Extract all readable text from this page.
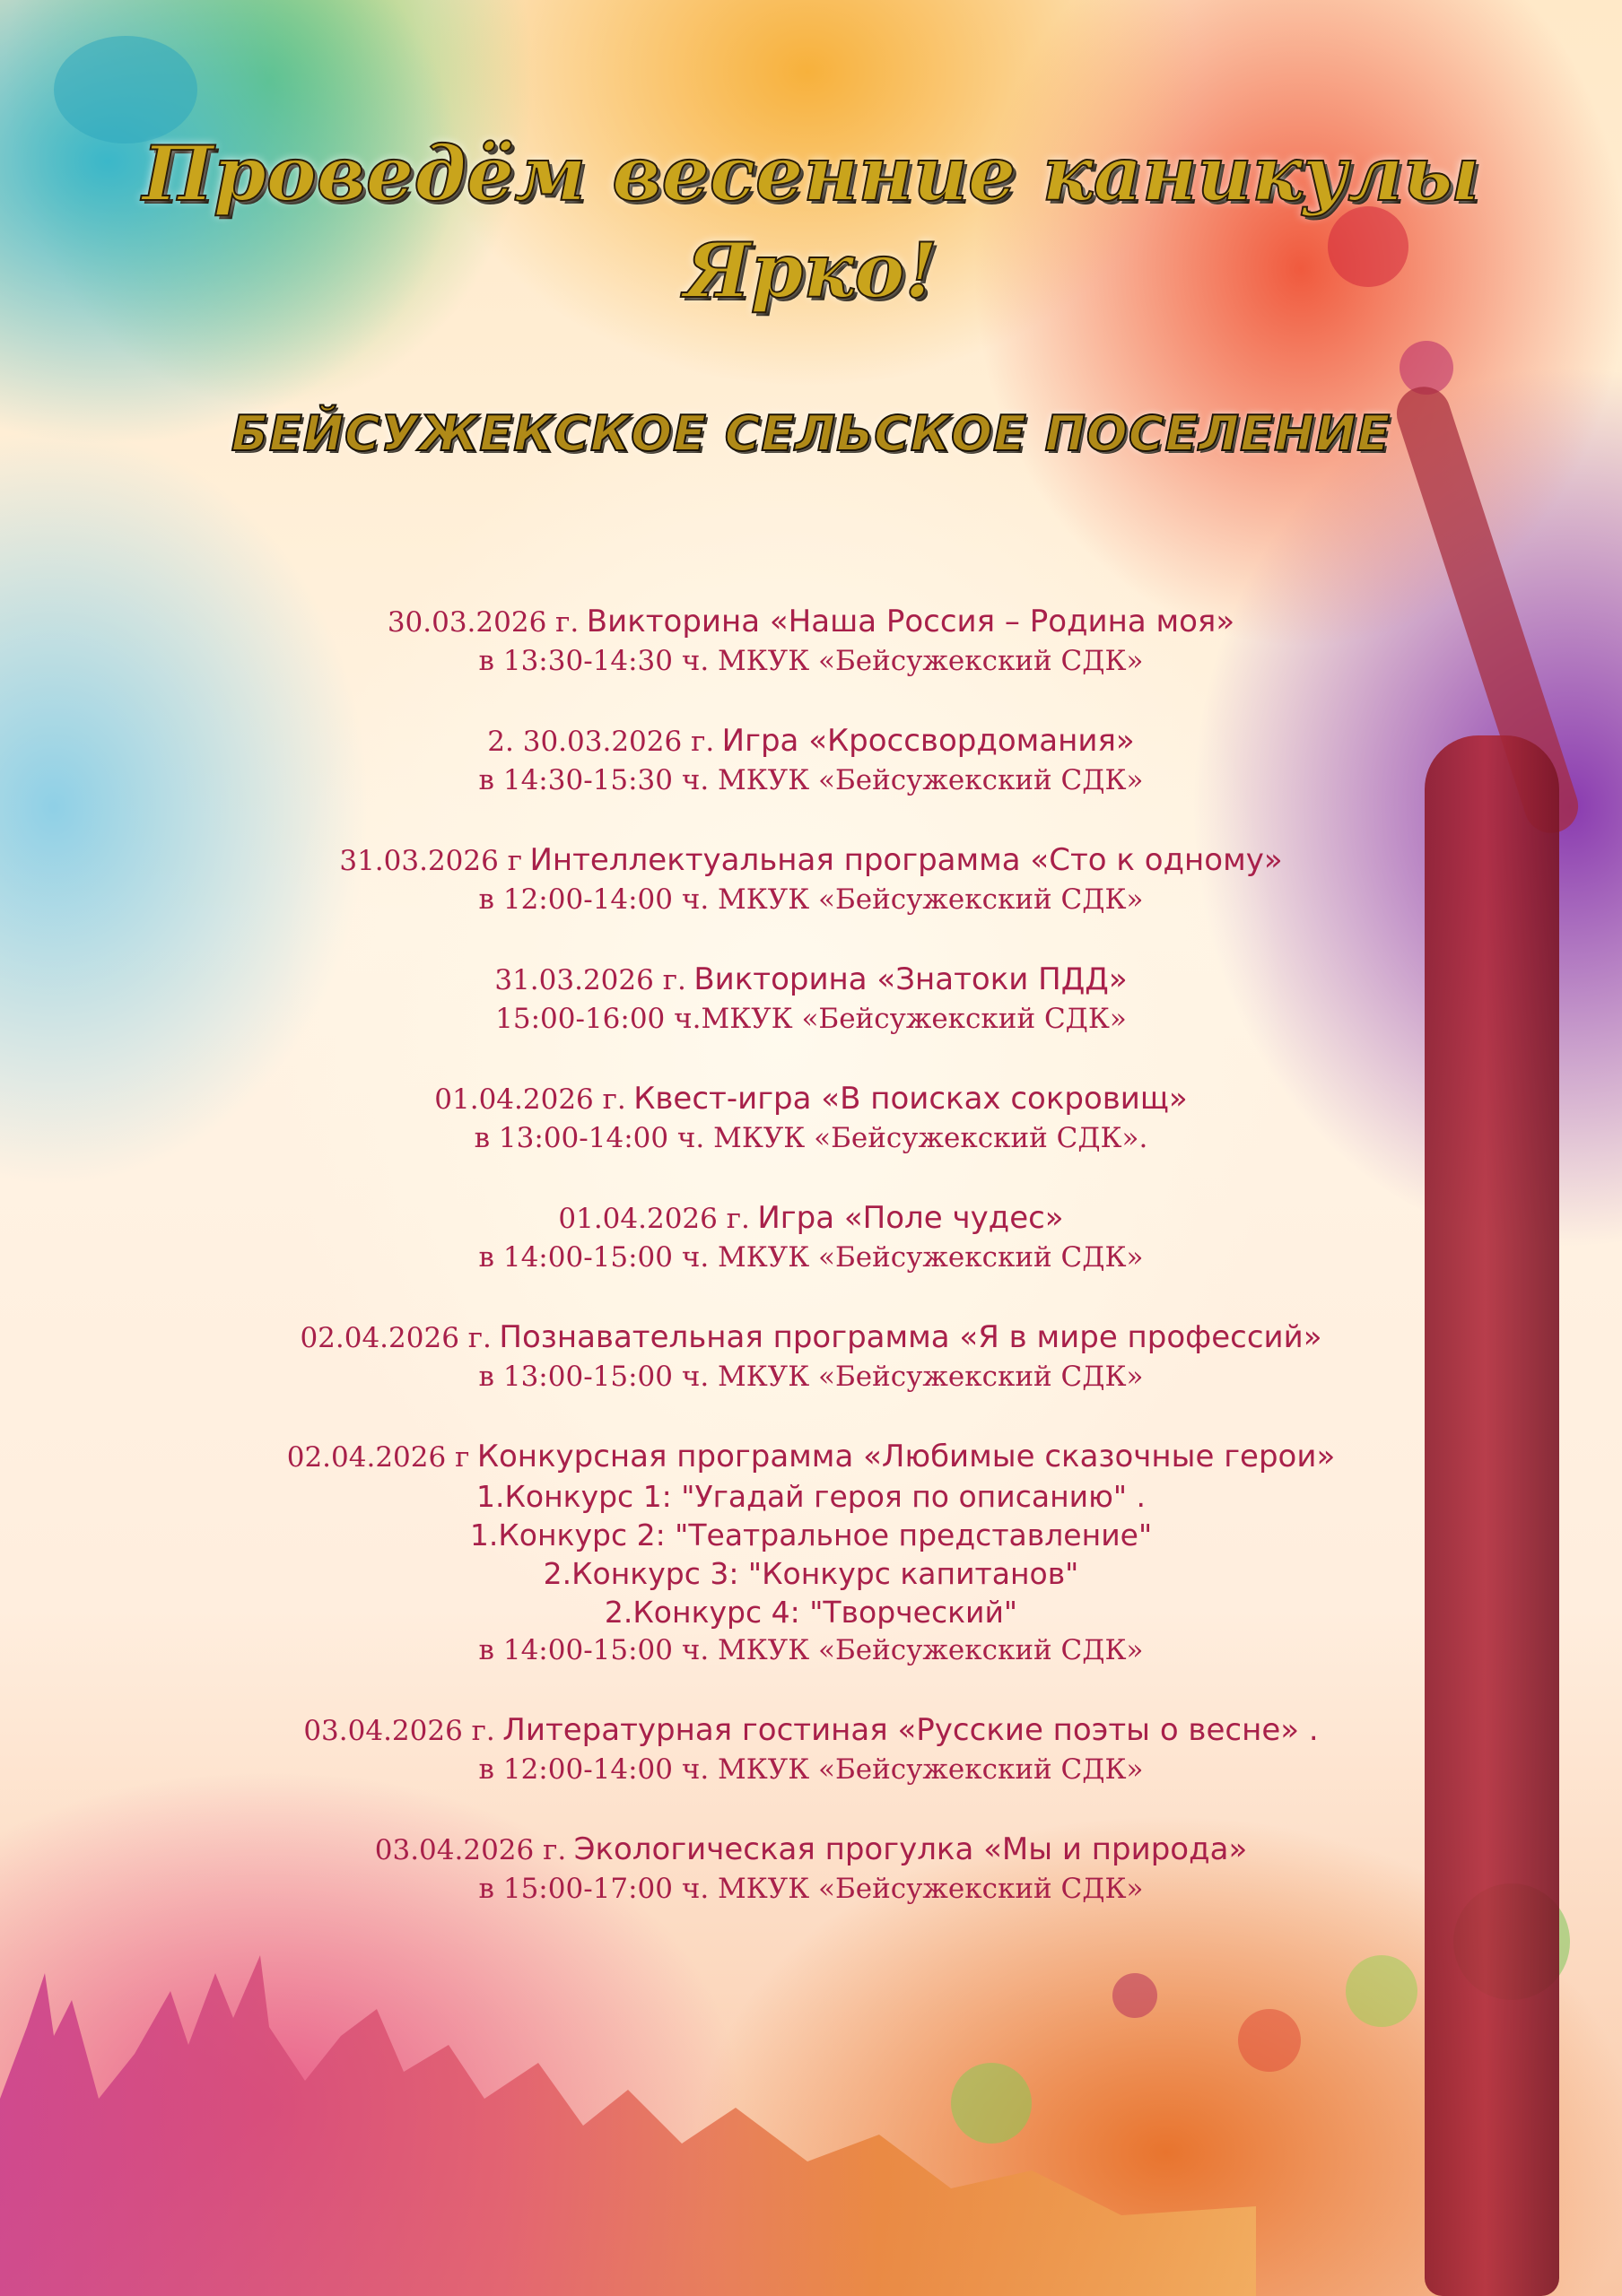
Проведём весенние каникулы

Ярко!

БЕЙСУЖЕКСКОЕ СЕЛЬСКОЕ ПОСЕЛЕНИЕ
30.03.2026 г. Викторина «Наша Россия – Родина моя»
в 13:30-14:30 ч. МКУК «Бейсужекский СДК»
2. 30.03.2026 г. Игра «Кроссвордомания»
в 14:30-15:30 ч. МКУК «Бейсужекский СДК»
31.03.2026 г Интеллектуальная программа «Сто к одному»
в 12:00-14:00 ч. МКУК «Бейсужекский СДК»
31.03.2026 г. Викторина «Знатоки ПДД»
15:00-16:00 ч.МКУК «Бейсужекский СДК»
01.04.2026 г. Квест-игра «В поисках сокровищ»
в 13:00-14:00 ч. МКУК «Бейсужекский СДК».
01.04.2026 г. Игра «Поле чудес»
в 14:00-15:00 ч. МКУК «Бейсужекский СДК»
02.04.2026 г. Познавательная программа «Я в мире профессий»
в 13:00-15:00 ч. МКУК «Бейсужекский СДК»
02.04.2026 г Конкурсная программа «Любимые сказочные герои»
1.Конкурс 1: "Угадай героя по описанию" .
1.Конкурс 2: "Театральное представление"
2.Конкурс 3: "Конкурс капитанов"
2.Конкурс 4: "Творческий"
в 14:00-15:00 ч. МКУК «Бейсужекский СДК»
03.04.2026 г. Литературная гостиная «Русские поэты о весне» .
в 12:00-14:00 ч. МКУК «Бейсужекский СДК»
03.04.2026 г. Экологическая прогулка «Мы и природа»
в 15:00-17:00 ч. МКУК «Бейсужекский СДК»
